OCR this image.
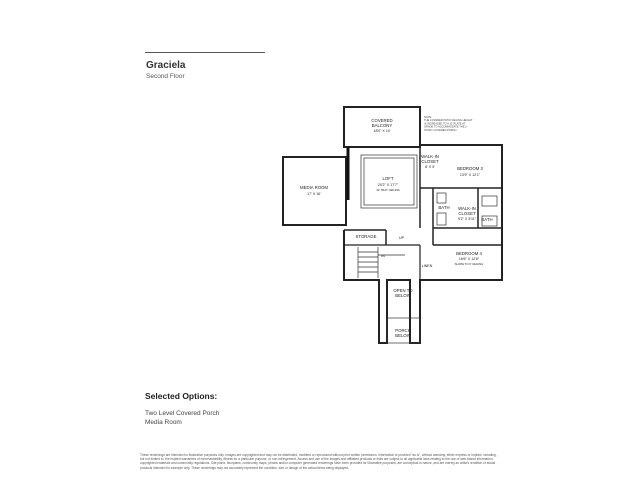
Graciela
Second Floor
COVERED
BALCONY
18'0" X 10'
LOFT
20'2" X 17'7"
10' TRAY CEILING
MEDIA ROOM
17' X 16'
WALK-IN
CLOSET
8' X 5'	BEDROOM 3
13'9" X 12'1"
BATH WALK-IN
CLOSET
9'2" X 5'11" BATH
STORAGE
BEDROOM 4
16'6" X 12'8"
SLOPE TO 9' CEILING
LINEN
OPEN TO
BELOW
PORCH
BELOW
UP
DN
NOTE: THE COVERED PATIO CEILING HEIGHT IS INCREASED TO A 12' PLATE AT GRADE TO ACCOMMODATE THE 2- STORY COVERED PORCH.
Selected Options:
Two Level Covered Porch
Media Room
These renderings are intended for illustrative purposes only. Images are copyrighted and may not be distributed, modified or reproduced without prior written permission. Information is provided "as is", without warranty, either express or implied, including, but not limited to, the implied warranties of merchantability, fitness for a particular purpose, or non-infringement. Access and use of the images and affiliated products or links are subject to all applicable laws relating to the use of web-based information, copyrighted materials and community regulations. Site plans, floorplans, community maps, photos and/or computer generated renderings have been provided for illustrative purposes, are conceptual in nature, and are merely an artist's rendition of actual products intended for example only. These renderings may not accurately represent the condition, size or design of the actual items being displayed.
